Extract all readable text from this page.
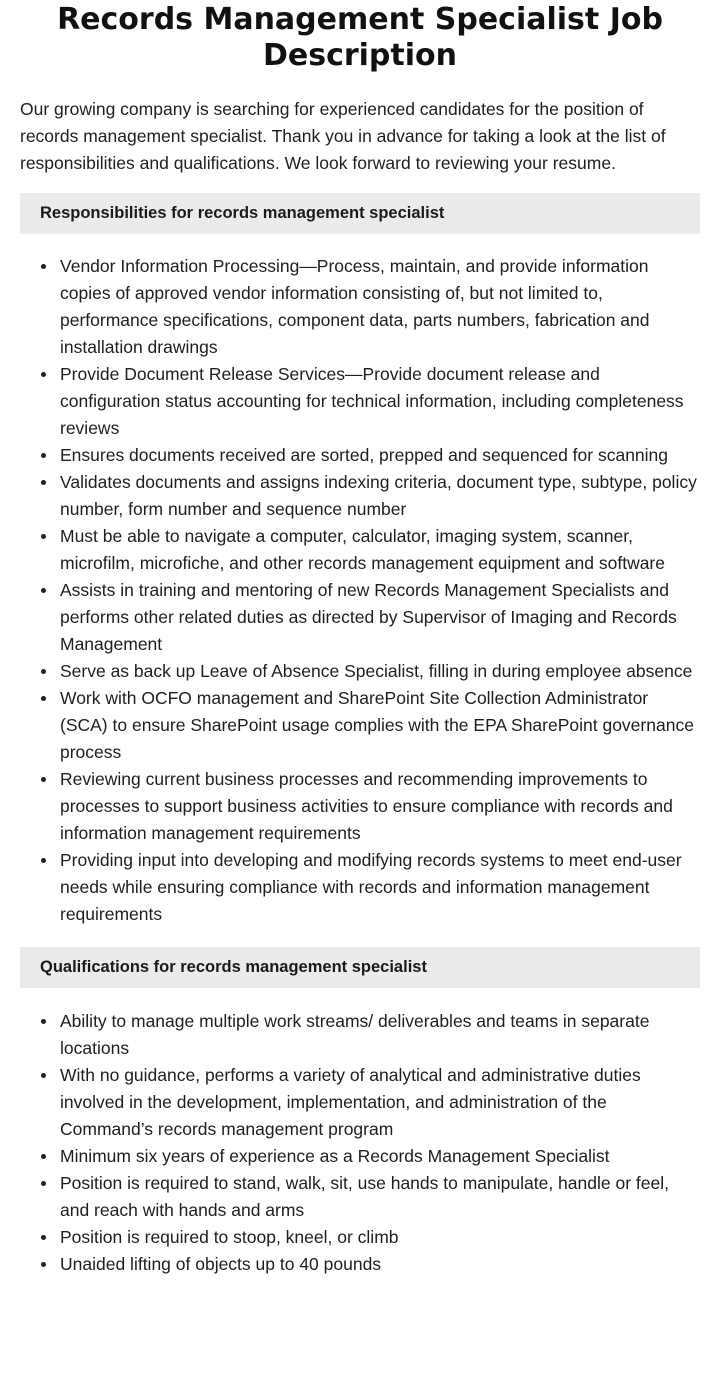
Records Management Specialist Job Description

Our growing company is searching for experienced candidates for the position of records management specialist. Thank you in advance for taking a look at the list of responsibilities and qualifications. We look forward to reviewing your resume.

Responsibilities for records management specialist
Vendor Information Processing—Process, maintain, and provide information copies of approved vendor information consisting of, but not limited to, performance specifications, component data, parts numbers, fabrication and installation drawings
Provide Document Release Services—Provide document release and configuration status accounting for technical information, including completeness reviews
Ensures documents received are sorted, prepped and sequenced for scanning
Validates documents and assigns indexing criteria, document type, subtype, policy number, form number and sequence number
Must be able to navigate a computer, calculator, imaging system, scanner, microfilm, microfiche, and other records management equipment and software
Assists in training and mentoring of new Records Management Specialists and performs other related duties as directed by Supervisor of Imaging and Records Management
Serve as back up Leave of Absence Specialist, filling in during employee absence
Work with OCFO management and SharePoint Site Collection Administrator (SCA) to ensure SharePoint usage complies with the EPA SharePoint governance process
Reviewing current business processes and recommending improvements to processes to support business activities to ensure compliance with records and information management requirements
Providing input into developing and modifying records systems to meet end-user needs while ensuring compliance with records and information management requirements
Qualifications for records management specialist
Ability to manage multiple work streams/ deliverables and teams in separate locations
With no guidance, performs a variety of analytical and administrative duties involved in the development, implementation, and administration of the Command’s records management program
Minimum six years of experience as a Records Management Specialist
Position is required to stand, walk, sit, use hands to manipulate, handle or feel, and reach with hands and arms
Position is required to stoop, kneel, or climb
Unaided lifting of objects up to 40 pounds
